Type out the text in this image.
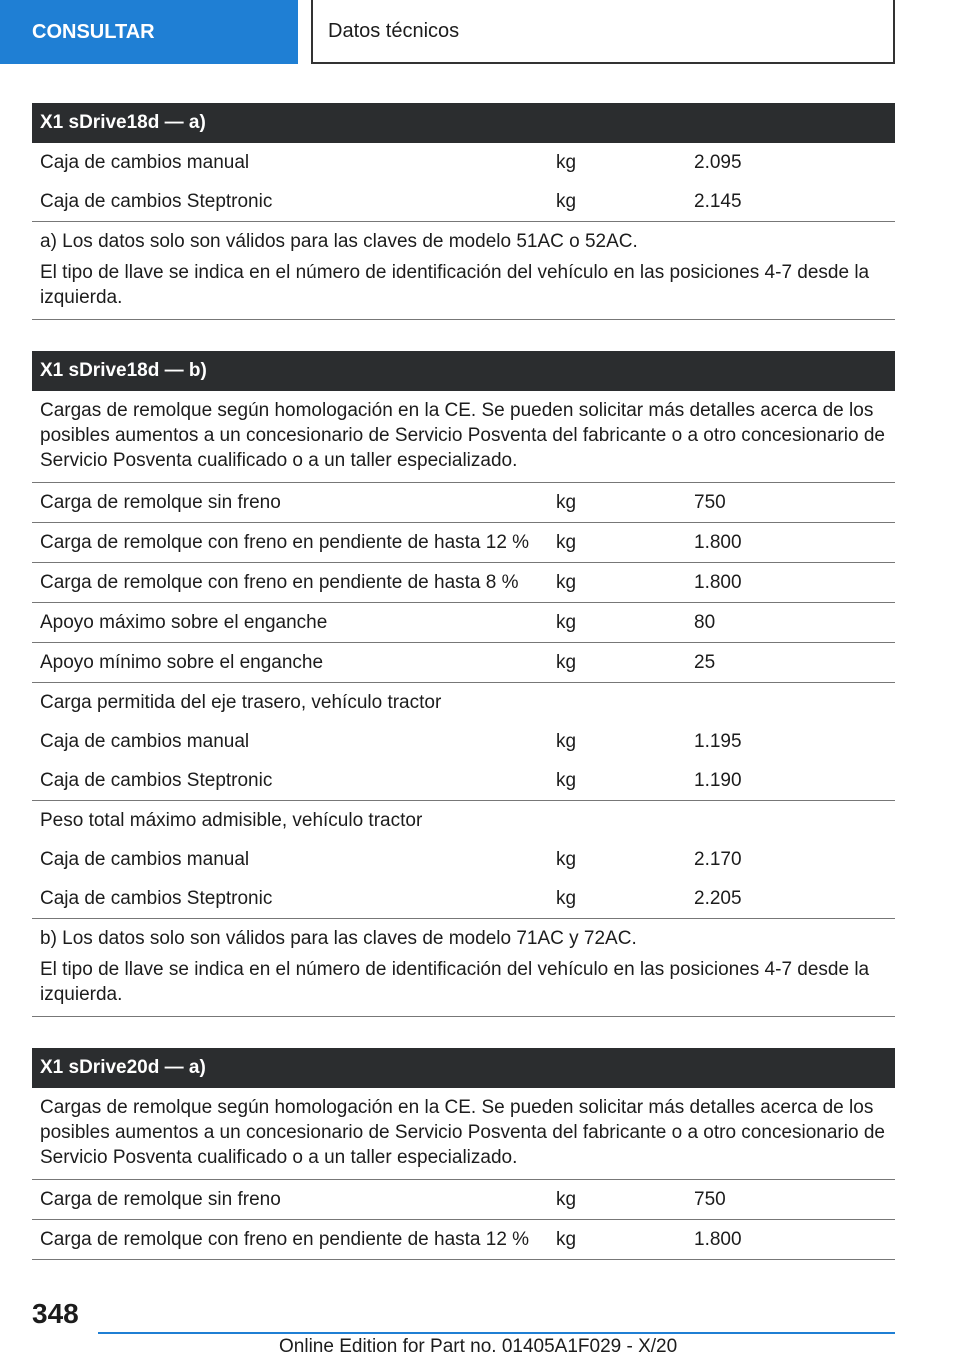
CONSULTAR	Datos técnicos
X1 sDrive18d — a)
Caja de cambios manual	kg	2.095
Caja de cambios Steptronic	kg	2.145

a) Los datos solo son válidos para las claves de modelo 51AC o 52AC.

El tipo de llave se indica en el número de identificación del vehículo en las posiciones 4-7 desde la izquierda.

X1 sDrive18d — b)

Cargas de remolque según homologación en la CE. Se pueden solicitar más detalles acerca de los posibles aumentos a un concesionario de Servicio Posventa del fabricante o a otro concesionario de Servicio Posventa cualificado o a un taller especializado.

Carga de remolque sin freno	kg	750
Carga de remolque con freno en pendiente de hasta 12 %	kg	1.800
Carga de remolque con freno en pendiente de hasta 8 %	kg	1.800
Apoyo máximo sobre el enganche	kg	80
Apoyo mínimo sobre el enganche	kg	25
Carga permitida del eje trasero, vehículo tractor
Caja de cambios manual	kg	1.195
Caja de cambios Steptronic	kg	1.190
Peso total máximo admisible, vehículo tractor
Caja de cambios manual	kg	2.170
Caja de cambios Steptronic	kg	2.205

b) Los datos solo son válidos para las claves de modelo 71AC y 72AC.

El tipo de llave se indica en el número de identificación del vehículo en las posiciones 4-7 desde la izquierda.

X1 sDrive20d — a)

Cargas de remolque según homologación en la CE. Se pueden solicitar más detalles acerca de los posibles aumentos a un concesionario de Servicio Posventa del fabricante o a otro concesionario de Servicio Posventa cualificado o a un taller especializado.

Carga de remolque sin freno	kg	750
Carga de remolque con freno en pendiente de hasta 12 %	kg	1.800
348
Online Edition for Part no. 01405A1F029 - X/20
